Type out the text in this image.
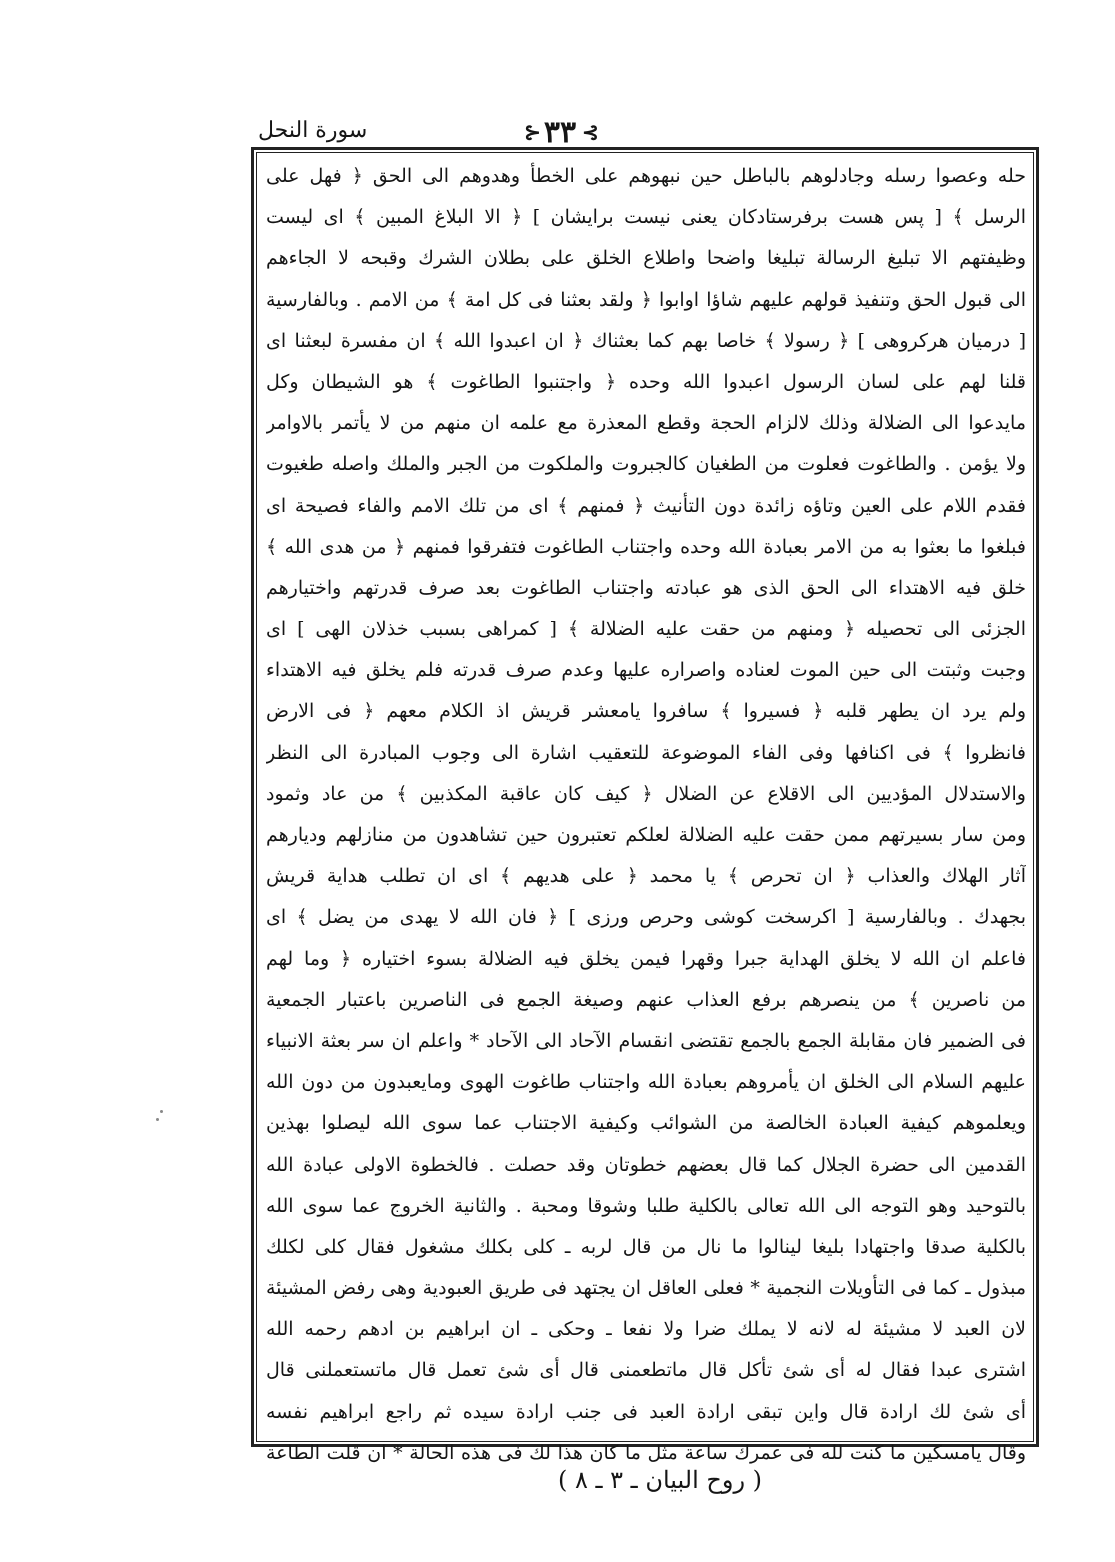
⊱
٣٣
⊰
سورة النحل
حله وعصوا رسله وجادلوهم بالباطل حين نبهوهم على الخطأ وهدوهم الى الحق ﴿ فهل على
الرسل ﴾ [ پس هست برفرستادكان يعنى نيست برايشان ] ﴿ الا البلاغ المبين ﴾ اى ليست
وظيفتهم الا تبليغ الرسالة تبليغا واضحا واطلاع الخلق على بطلان الشرك وقبحه لا الجاءهم
الى قبول الحق وتنفيذ قولهم عليهم شاؤا اوابوا ﴿ ولقد بعثنا فى كل امة ﴾ من الامم . وبالفارسية
[ درميان هركروهى ] ﴿ رسولا ﴾ خاصا بهم كما بعثناك ﴿ ان اعبدوا الله ﴾ ان مفسرة لبعثنا اى
قلنا لهم على لسان الرسول اعبدوا الله وحده ﴿ واجتنبوا الطاغوت ﴾ هو الشيطان وكل
مايدعوا الى الضلالة وذلك لالزام الحجة وقطع المعذرة مع علمه ان منهم من لا يأتمر بالاوامر
ولا يؤمن . والطاغوت فعلوت من الطغيان كالجبروت والملكوت من الجبر والملك واصله طغيوت
فقدم اللام على العين وتاؤه زائدة دون التأنيث ﴿ فمنهم ﴾ اى من تلك الامم والفاء فصيحة اى
فبلغوا ما بعثوا به من الامر بعبادة الله وحده واجتناب الطاغوت فتفرقوا فمنهم ﴿ من هدى الله ﴾
خلق فيه الاهتداء الى الحق الذى هو عبادته واجتناب الطاغوت بعد صرف قدرتهم واختيارهم
الجزئى الى تحصيله ﴿ ومنهم من حقت عليه الضلالة ﴾ [ كمراهى بسبب خذلان الهى ] اى
وجبت وثبتت الى حين الموت لعناده واصراره عليها وعدم صرف قدرته فلم يخلق فيه الاهتداء
ولم يرد ان يطهر قلبه ﴿ فسيروا ﴾ سافروا يامعشر قريش اذ الكلام معهم ﴿ فى الارض
فانظروا ﴾ فى اكنافها وفى الفاء الموضوعة للتعقيب اشارة الى وجوب المبادرة الى النظر
والاستدلال المؤديين الى الاقلاع عن الضلال ﴿ كيف كان عاقبة المكذبين ﴾ من عاد وثمود
ومن سار بسيرتهم ممن حقت عليه الضلالة لعلكم تعتبرون حين تشاهدون من منازلهم وديارهم
آثار الهلاك والعذاب ﴿ ان تحرص ﴾ يا محمد ﴿ على هديهم ﴾ اى ان تطلب هداية قريش
بجهدك . وبالفارسية [ اكرسخت كوشى وحرص ورزى ] ﴿ فان الله لا يهدى من يضل ﴾ اى
فاعلم ان الله لا يخلق الهداية جبرا وقهرا فيمن يخلق فيه الضلالة بسوء اختياره ﴿ وما لهم
من ناصرين ﴾ من ينصرهم برفع العذاب عنهم وصيغة الجمع فى الناصرين باعتبار الجمعية
فى الضمير فان مقابلة الجمع بالجمع تقتضى انقسام الآحاد الى الآحاد * واعلم ان سر بعثة الانبياء
عليهم السلام الى الخلق ان يأمروهم بعبادة الله واجتناب طاغوت الهوى ومايعبدون من دون الله
ويعلموهم كيفية العبادة الخالصة من الشوائب وكيفية الاجتناب عما سوى الله ليصلوا بهذين
القدمين الى حضرة الجلال كما قال بعضهم خطوتان وقد حصلت . فالخطوة الاولى عبادة الله
بالتوحيد وهو التوجه الى الله تعالى بالكلية طلبا وشوقا ومحبة . والثانية الخروج عما سوى الله
بالكلية صدقا واجتهادا بليغا لينالوا ما نال من قال لربه ـ كلى بكلك مشغول فقال كلى لكلك
مبذول ـ كما فى التأويلات النجمية * فعلى العاقل ان يجتهد فى طريق العبودية وهى رفض المشيئة
لان العبد لا مشيئة له لانه لا يملك ضرا ولا نفعا ـ وحكى ـ ان ابراهيم بن ادهم رحمه الله
اشترى عبدا فقال له أى شئ تأكل قال ماتطعمنى قال أى شئ تعمل قال ماتستعملنى قال
أى شئ لك ارادة قال واين تبقى ارادة العبد فى جنب ارادة سيده ثم راجع ابراهيم نفسه
وقال يامسكين ما كنت لله فى عمرك ساعة مثل ما كان هذا لك فى هذه الحالة * ان قلت الطاعة
( روح البيان ـ ٣ ـ ٨ )
